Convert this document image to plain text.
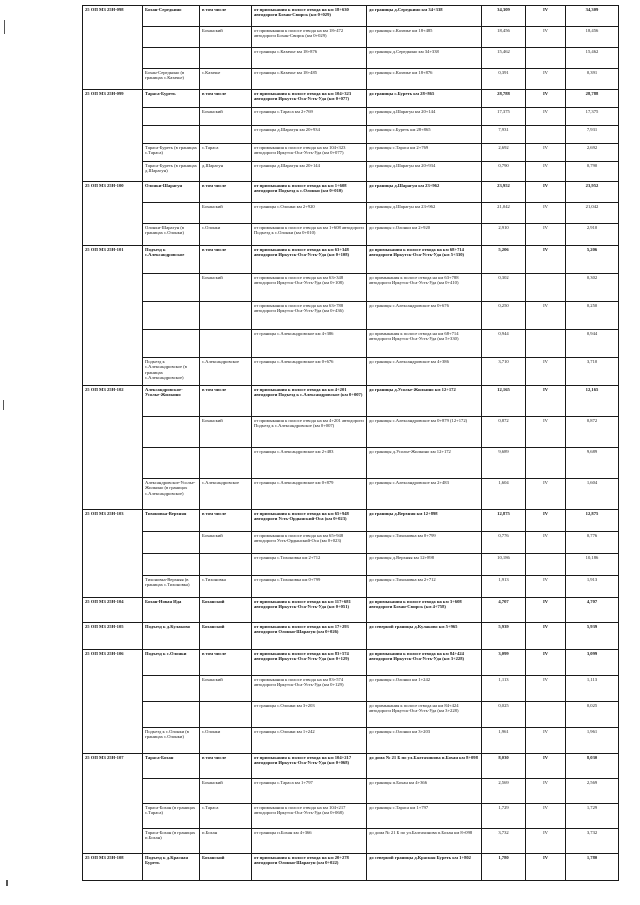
25 ОП МЗ 25Н-098	Бохан-Середкино	в том числе	от примыкания к полосе отвода на км 18+630 автодороги Бохан-Свирск (км 0+029)	до границы д.Середкино км 34+338	34,309	IV	34,309
		Боханский	от примыкания к полосе отвода на км 18+472 автодороги Бохан-Свирск (км 0+029)	до границы с.Казачье км 18+485	18,456	IV	18,456
			от границы с.Казачье км 18+876	до границы д.Середкино км 34+338	15,462		15,462
	Бохан-Середкино (в границах с.Казачье)	с.Казачье	от границы с.Казачье км 18+485	до границы с.Казачье км 18+876	0,391	IV	0,391
25 ОП МЗ 25Н-099	Тараса-Буреть	в том числе	от примыкания к полосе отвода на км 104+323 автодороги Иркутск-Оса-Усть-Уда (км 0+077)	до границы с.Буреть км 28+865	28,788	IV	28,788
		Боханский	от границы с.Тараса км 2+769	до границы д.Шарагун км 20+144	17,375	IV	17,375
			от границы д.Шарагун км 20+934	до границы с.Буреть км 28+865	7,931		7,931
	Тараса-Буреть (в границах с.Тараса)	с.Тараса	от примыкания к полосе отвода на км 104+323 автодороги Иркутск-Оса-Усть-Уда (км 0+077)	до границы с.Тараса км 2+769	2,692	IV	2,692
	Тараса-Буреть (в границах д.Шарагун)	д.Шарагун	от границы д.Шарагун км 20+144	до границы д.Шарагун км 20+934	0,790	IV	0,790
25 ОП МЗ 25Н-100	Олонки-Шарагун	в том числе	от примыкания к полосе отвода на км 1+608 автодороги Подъезд к с.Олонки (км 0+010)	до границы д.Шарагун км 23+962	23,952	IV	23,952
		Боханский	от границы с.Олонки км 2+920	до границы д.Шарагун км 23+962	21,042	IV	21,042
	Олонки-Шарагун (в границах с.Олонки)	с.Олонки	от примыкания к полосе отвода на км 1+608 автодороги Подъезд к с.Олонки (км 0+010)	до границы с.Олонки км 2+920	2,910	IV	2,910
25 ОП МЗ 25Н-101	Подъезд к с.Александровское	в том числе	от примыкания к полосе отвода на км 63+348 автодороги Иркутск-Оса-Усть-Уда (км 0+108)	до примыкания к полосе отвода на км 68+714 автодороги Иркутск-Оса-Усть-Уда (км 5+330)	5,206	IV	5,206
		Боханский	от примыкания к полосе отвода на км 63+348 автодороги Иркутск-Оса-Усть-Уда (км 0+108)	до примыкания к полосе отвода на км 63+788 автодороги Иркутск-Оса-Усть-Уда (км 0+410)	0,302		0,302
			от примыкания к полосе отвода на км 63+788 автодороги Иркутск-Оса-Усть-Уда (км 0+436)	до границы с.Александровское км 0+676	0,250	IV	0,250
			от границы с.Александровское км 4+386	до примыкания к полосе отвода на км 68+714 автодороги Иркутск-Оса-Усть-Уда (км 5+330)	0,944		0,944
	Подъезд к с.Александровское (в границах с.Александровское)	с.Александровское	от границы с.Александровское км 0+676	до границы с.Александровское км 4+386	3,710	IV	3,710
25 ОП МЗ 25Н-102	Александровское-Усолье-Жилкино	в том числе	от примыкания к полосе отвода на км 4+201 автодороги Подъезд к с.Александровское (км 0+007)	до границы д.Усолье-Жилкино км 12+172	12,165	IV	12,165
		Боханский	от примыкания к полосе отвода на км 4+201 автодороги Подъезд к с.Александровское (км 0+007)	до границы с.Александровское км 0+879 (12+172)	0,872	IV	0,872
			от границы с.Александровское км 2+483	до границы д.Усолье-Жилкино км 12+172	9,689		9,689
	Александровское-Усолье-Жилкино (в границах с.Александровское)	с.Александровское	от границы с.Александровское км 0+879	до границы с.Александровское км 2+483	1,604	IV	1,604
25 ОП МЗ 25Н-103	Тихоновка-Верхняя	в том числе	от примыкания к полосе отвода на км 65+948 автодороги Усть-Ордынский-Оса (км 0+023)	до границы д.Верхняя км 12+898	12,875	IV	12,875
		Боханский	от примыкания к полосе отвода на км 65+948 автодороги Усть-Ордынский-Оса (км 0+023)	до границы с.Тихоновка км 0+799	0,776	IV	0,776
			от границы с.Тихоновка км 2+712	до границы д.Верхняя км 12+898	10,186		10,186
	Тихоновка-Верхняя (в границах с.Тихоновка)	с.Тихоновка	от границы с.Тихоновка км 0+799	до границы с.Тихоновка км 2+712	1,913	IV	1,913
25 ОП МЗ 25Н-104	Бохан-Новая Ида	Боханский	от примыкания к полосе отвода на км 117+681 автодороги Иркутск-Оса-Усть-Уда (км 0+051)	до примыкания к полосе отвода на км 3+608 автодороги Бохан-Свирск (км 4+758)	4,707	IV	4,707
25 ОП МЗ 25Н-105	Подъезд к д.Кулаково	Боханский	от примыкания к полосе отвода на км 17+293 автодороги Олонки-Шарагун (км 0+026)	до северной границы д.Кулаково км 5+965	5,939	IV	5,939
25 ОП МЗ 25Н-106	Подъезд к с.Олонки	в том числе	от примыкания к полосе отвода на км 83+574 автодороги Иркутск-Оса-Усть-Уда (км 0+129)	до примыкания к полосе отвода на км 84+424 автодороги Иркутск-Оса-Усть-Уда (км 3+228)	3,099	IV	3,099
		Боханский	от примыкания к полосе отвода на км 83+574 автодороги Иркутск-Оса-Усть-Уда (км 0+129)	до границы с.Олонки км 1+242	1,113	IV	1,113
			от границы с.Олонки км 3+203	до примыкания к полосе отвода на км 84+424 автодороги Иркутск-Оса-Усть-Уда (км 3+228)	0,025		0,025
	Подъезд к с.Олонки (в границах с.Олонки)	с.Олонки	от границы с.Олонки км 1+242	до границы с.Олонки км 3+203	1,961	IV	1,961
25 ОП МЗ 25Н-107	Тараса-Бохан	в том числе	от примыкания к полосе отвода на км 104+217 автодороги Иркутск-Оса-Усть-Уда (км 0+068)	до дома № 21 Б по ул.Балтахинова п.Бохан км 8+098	8,030	IV	8,030
		Боханский	от границы с.Тараса км 1+797	до границы п.Бохан км 4+366	2,569	IV	2,569
	Тараса-Бохан (в границах с.Тараса)	с.Тараса	от примыкания к полосе отвода на км 104+217 автодороги Иркутск-Оса-Усть-Уда (км 0+068)	до границы с.Тараса км 1+797	1,729	IV	1,729
	Тараса-Бохан (в границах п.Бохан)	п.Бохан	от границы п.Бохан км 4+366	до дома № 21 Б по ул.Балтахинова п.Бохан км 8+098	3,732	IV	3,732
25 ОП МЗ 25Н-108	Подъезд к д.Красная Буреть	Боханский	от примыкания к полосе отвода на км 20+278 автодороги Олонки-Шарагун (км 0+022)	до северной границы д.Красная Буреть км 1+802	1,780	IV	1,780
